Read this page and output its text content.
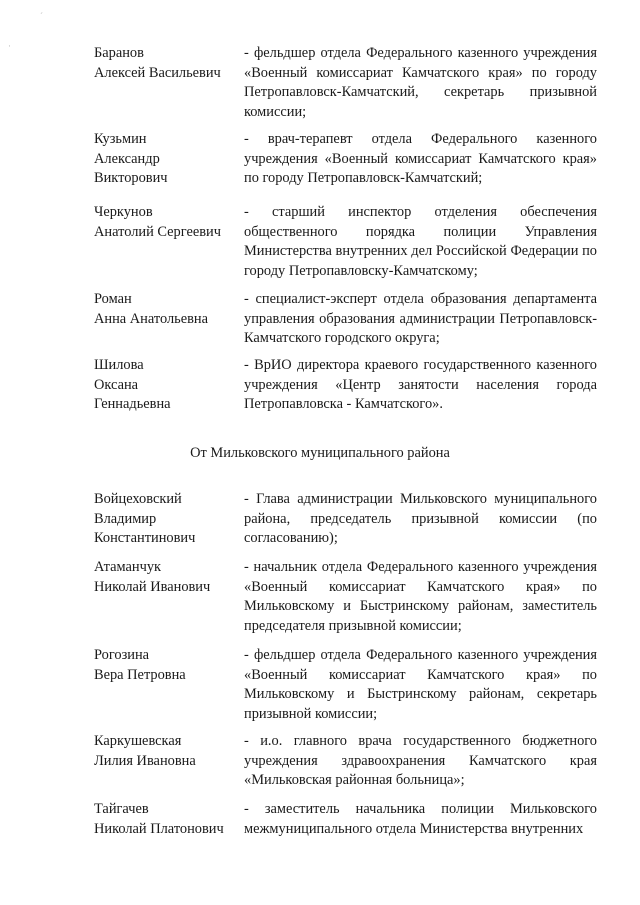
´
·	Баранов
Алексей Васильевич
- фельдшер отдела Федерального казенного учреждения «Военный комиссариат Камчатского края» по городу Петропавловск-Камчатский, секретарь призывной комиссии;
Кузьмин
Александр
Викторович
- врач-терапевт отдела Федерального казенного учреждения «Военный комиссариат Камчатского края» по городу Петропавловск-Камчатский;
Черкунов
Анатолий Сергеевич
- старший инспектор отделения обеспечения общественного порядка полиции Управления Министерства внутренних дел Российской Федерации по городу Петропавловску-Камчатскому;
Роман
Анна Анатольевна
- специалист-эксперт отдела образования департамента управления образования администрации Петропавловск-Камчатского городского округа;
Шилова
Оксана
Геннадьевна
- ВрИО директора краевого государственного казенного учреждения «Центр занятости населения города Петропавловска - Камчатского».
От Мильковского муниципального района
Войцеховский
Владимир
Константинович
- Глава администрации Мильковского муниципального района, председатель призывной комиссии (по согласованию);
Атаманчук
Николай Иванович
- начальник отдела Федерального казенного учреждения «Военный комиссариат Камчатского края» по Мильковскому и Быстринскому районам, заместитель председателя призывной комиссии;
Рогозина
Вера Петровна
- фельдшер отдела Федерального казенного учреждения «Военный комиссариат Камчатского края» по Мильковскому и Быстринскому районам, секретарь призывной комиссии;
Каркушевская
Лилия Ивановна
- и.о. главного врача государственного бюджетного учреждения здравоохранения Камчатского края «Мильковская районная больница»;
Тайгачев
Николай Платонович
- заместитель начальника полиции Мильковского межмуниципального отдела Министерства внутренних
